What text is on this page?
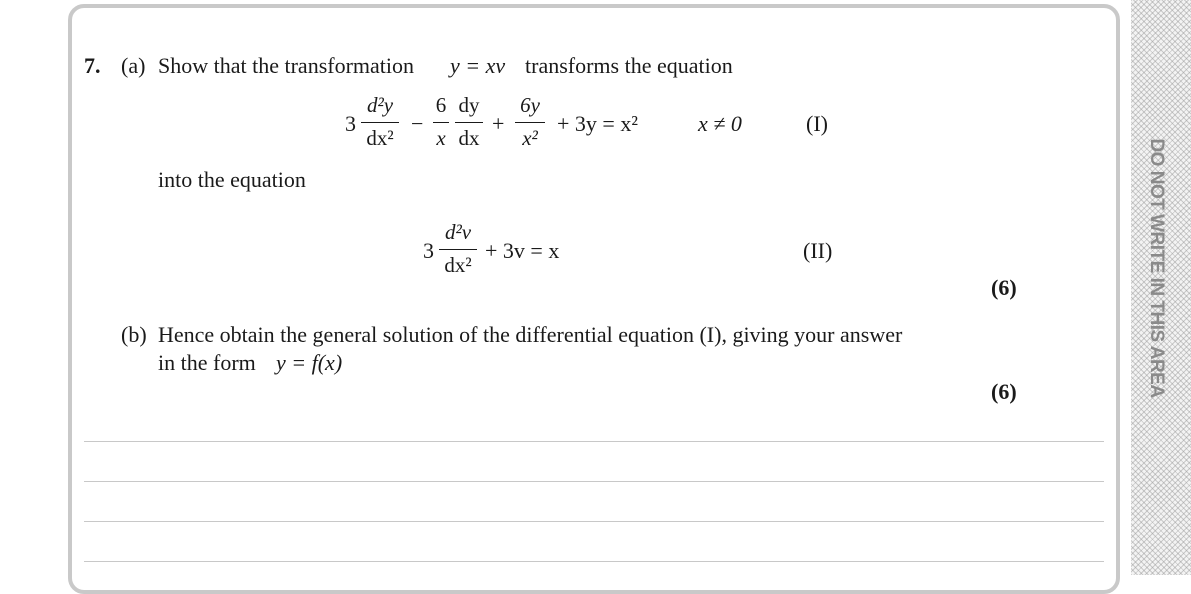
7. (a) Show that the transformation y = xv transforms the equation
3
d²y
dx²
−
6
x
dy
dx
+
6y
x²
+ 3y = x²	x ≠ 0	(I)
into the equation
3
d²v
dx²
+ 3v = x	(II)
(6)
(b) Hence obtain the general solution of the differential equation (I), giving your answer
in the form y = f(x)
(6)	DO NOT WRITE IN THIS AREA
